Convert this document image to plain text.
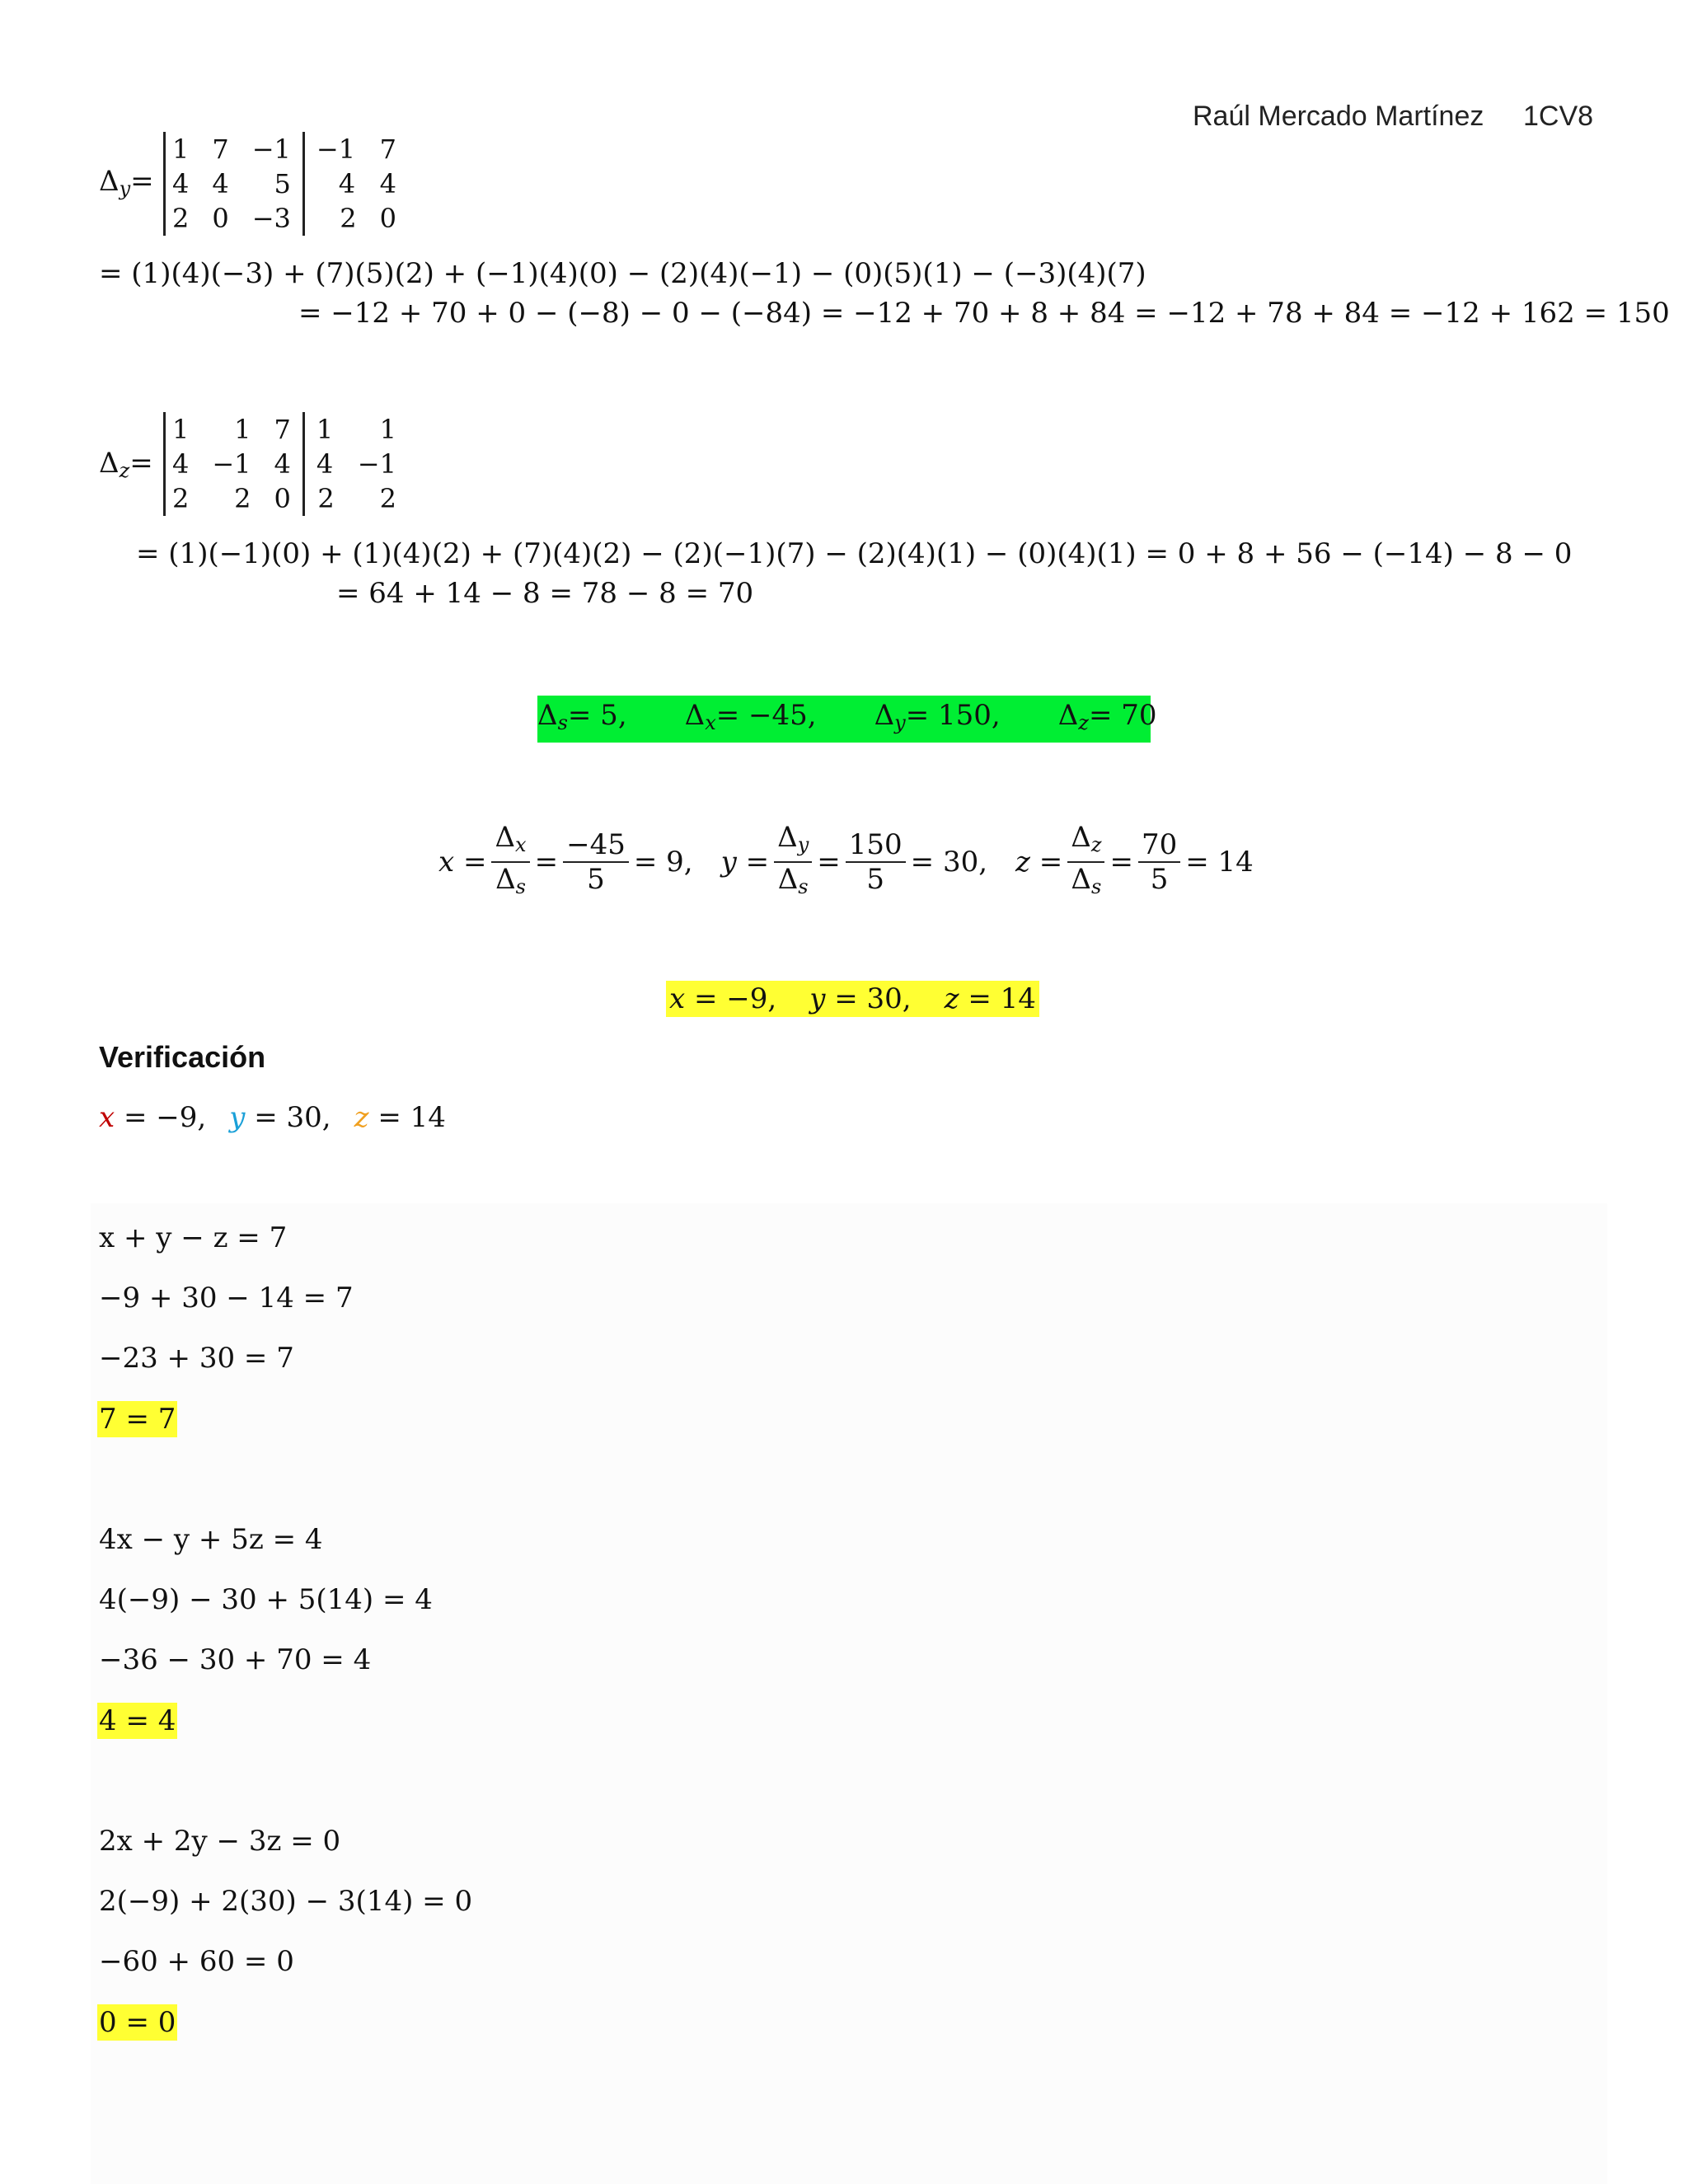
Raúl Mercado Martínez 1CV8
$\Delta_y=$
1	7	−1	−1	7
4	4	5	4	4
2	0	−3	2	0
= (1)(4)(−3) + (7)(5)(2) + (−1)(4)(0) − (2)(4)(−1) − (0)(5)(1) − (−3)(4)(7)
= −12 + 70 + 0 − (−8) − 0 − (−84) = −12 + 70 + 8 + 84 = −12 + 78 + 84 = −12 + 162 = 150
$\Delta_z=$
1	1	7	1	1
4	−1	4	4	−1
2	2	0	2	2
= (1)(−1)(0) + (1)(4)(2) + (7)(4)(2) − (2)(−1)(7) − (2)(4)(1) − (0)(4)(1) = 0 + 8 + 56 − (−14) − 8 − 0
= 64 + 14 − 8 = 78 − 8 = 70
$\Delta_s= 5$, $\Delta_x= -45$, $\Delta_y= 150$, $\Delta_z= 70$
$x = \frac{\Delta_x}{\Delta_s} = \frac{-45}{5} = 9$, $y = \frac{\Delta_y}{\Delta_s} = \frac{150}{5} = 30$, $z = \frac{\Delta_z}{\Delta_s} = \frac{70}{5} = 14$
x = −9, y = 30, z = 14
Verificación
x = −9, y = 30, z = 14
x + y − z = 7
−9 + 30 − 14 = 7
−23 + 30 = 7
7 = 7
4x − y + 5z = 4
4(−9) − 30 + 5(14) = 4
−36 − 30 + 70 = 4
4 = 4
2x + 2y − 3z = 0
2(−9) + 2(30) − 3(14) = 0
−60 + 60 = 0
0 = 0
